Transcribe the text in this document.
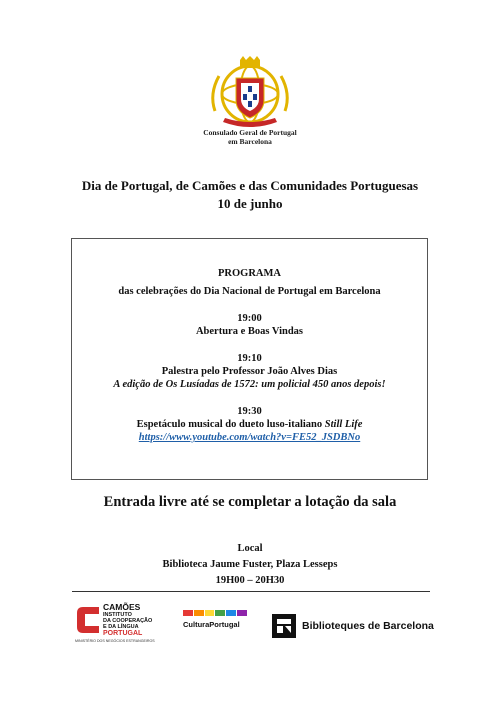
Consulado Geral de Portugal
em Barcelona
Dia de Portugal, de Camões e das Comunidades Portuguesas
10 de junho
PROGRAMA
das celebrações do Dia Nacional de Portugal em Barcelona
19:00
Abertura e Boas Vindas
19:10
Palestra pelo Professor João Alves Dias
A edição de Os Lusíadas de 1572: um policial 450 anos depois!
19:30
Espetáculo musical do dueto luso-italiano Still Life
https://www.youtube.com/watch?v=FE52_JSDBNo
Entrada livre até se completar a lotação da sala
Local
Biblioteca Jaume Fuster, Plaza Lesseps
19H00 – 20H30
CAMÕES
INSTITUTO
DA COOPERAÇÃO
E DA LÍNGUA
PORTUGAL
MINISTÉRIO DOS NEGÓCIOS ESTRANGEIROS
CulturaPortugal	Biblioteques de Barcelona
